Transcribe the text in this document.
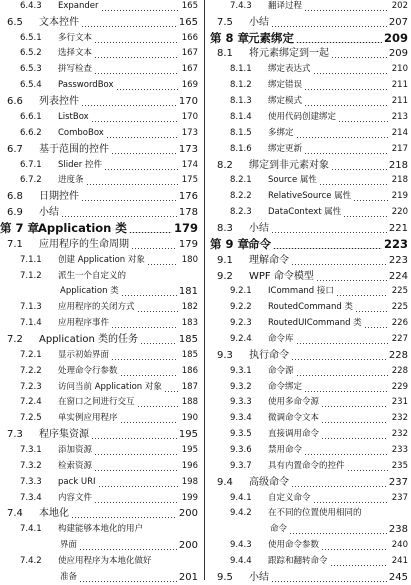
6.4.3	Expander	165
6.5	文本控件	165
6.5.1	多行文本	166
6.5.2	选择文本	167
6.5.3	拼写检查	167
6.5.4	PasswordBox	169
6.6	列表控件	170
6.6.1	ListBox	170
6.6.2	ComboBox	173
6.7	基于范围的控件	173
6.7.1	Slider 控件	174
6.7.2	进度条	175
6.8	日期控件	176
6.9	小结	178
第 7 章
Application 类	179
7.1	应用程序的生命周期	179
7.1.1	创建 Application 对象	180
7.1.2	派生一个自定义的
Application 类	181
7.1.3	应用程序的关闭方式	182
7.1.4	应用程序事件	183
7.2	Application 类的任务	185
7.2.1	显示初始界面	185
7.2.2	处理命令行参数	186
7.2.3	访问当前 Application 对象 187
7.2.4	在窗口之间进行交互	188
7.2.5	单实例应用程序	190
7.3	程序集资源	195
7.3.1	添加资源	195
7.3.2	检索资源	196
7.3.3	pack URI	198
7.3.4	内容文件	199
7.4	本地化	200
7.4.1	构建能够本地化的用户
界面	200
7.4.2	使应用程序为本地化做好
准备	201
7.4.3	翻译过程	202
7.5	小结	207
第 8 章
元素绑定	209
8.1	将元素绑定到一起	209
8.1.1	绑定表达式	210
8.1.2	绑定错误	211
8.1.3	绑定模式	211
8.1.4	使用代码创建绑定	213
8.1.5	多绑定	214
8.1.6	绑定更新	217
8.2	绑定到非元素对象	218
8.2.1	Source 属性	218
8.2.2	RelativeSource 属性	219
8.2.3	DataContext 属性	220
8.3	小结	221
第 9 章
命令	223
9.1	理解命令	223
9.2	WPF 命令模型	224
9.2.1	ICommand 接口	225
9.2.2	RoutedCommand 类	225
9.2.3	RoutedUICommand 类	226
9.2.4	命令库	227
9.3	执行命令	228
9.3.1	命令源	228
9.3.2	命令绑定	229
9.3.3	使用多命令源	231
9.3.4	微调命令文本	232
9.3.5	直接调用命令	232
9.3.6	禁用命令	233
9.3.7	具有内置命令的控件	235
9.4	高级命令	237
9.4.1	自定义命令	237
9.4.2	在不同的位置使用相同的
命令	238
9.4.3	使用命令参数	240
9.4.4	跟踪和翻转命令	241
9.5	小结	245
